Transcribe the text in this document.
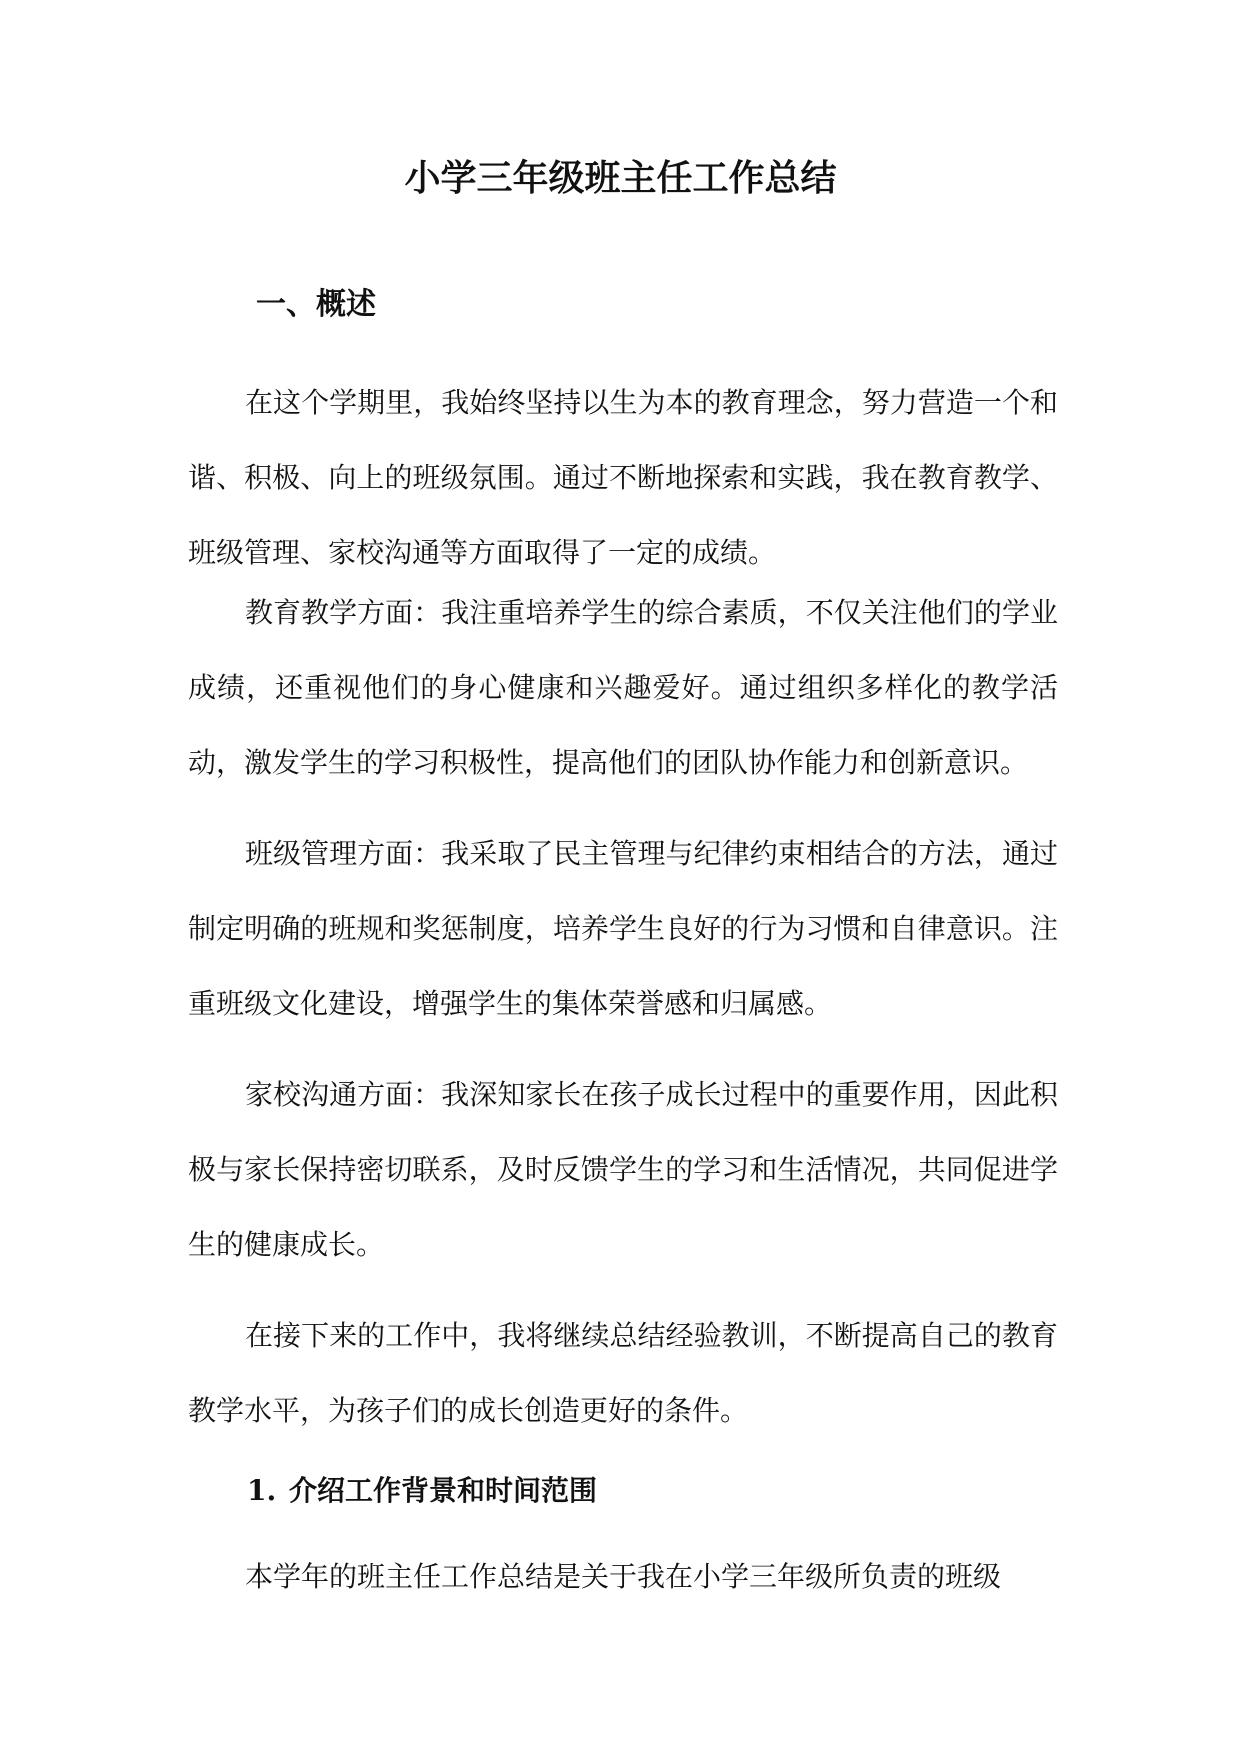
小学三年级班主任工作总结
一、概述

在这个学期里，我始终坚持以生为本的教育理念，努力营造一个和谐、积极、向上的班级氛围。通过不断地探索和实践，我在教育教学、班级管理、家校沟通等方面取得了一定的成绩。

教育教学方面：我注重培养学生的综合素质，不仅关注他们的学业成绩，还重视他们的身心健康和兴趣爱好。通过组织多样化的教学活动，激发学生的学习积极性，提高他们的团队协作能力和创新意识。

班级管理方面：我采取了民主管理与纪律约束相结合的方法，通过制定明确的班规和奖惩制度，培养学生良好的行为习惯和自律意识。注重班级文化建设，增强学生的集体荣誉感和归属感。

家校沟通方面：我深知家长在孩子成长过程中的重要作用，因此积极与家长保持密切联系，及时反馈学生的学习和生活情况，共同促进学生的健康成长。

在接下来的工作中，我将继续总结经验教训，不断提高自己的教育教学水平，为孩子们的成长创造更好的条件。

1. 介绍工作背景和时间范围

本学年的班主任工作总结是关于我在小学三年级所负责的班级
